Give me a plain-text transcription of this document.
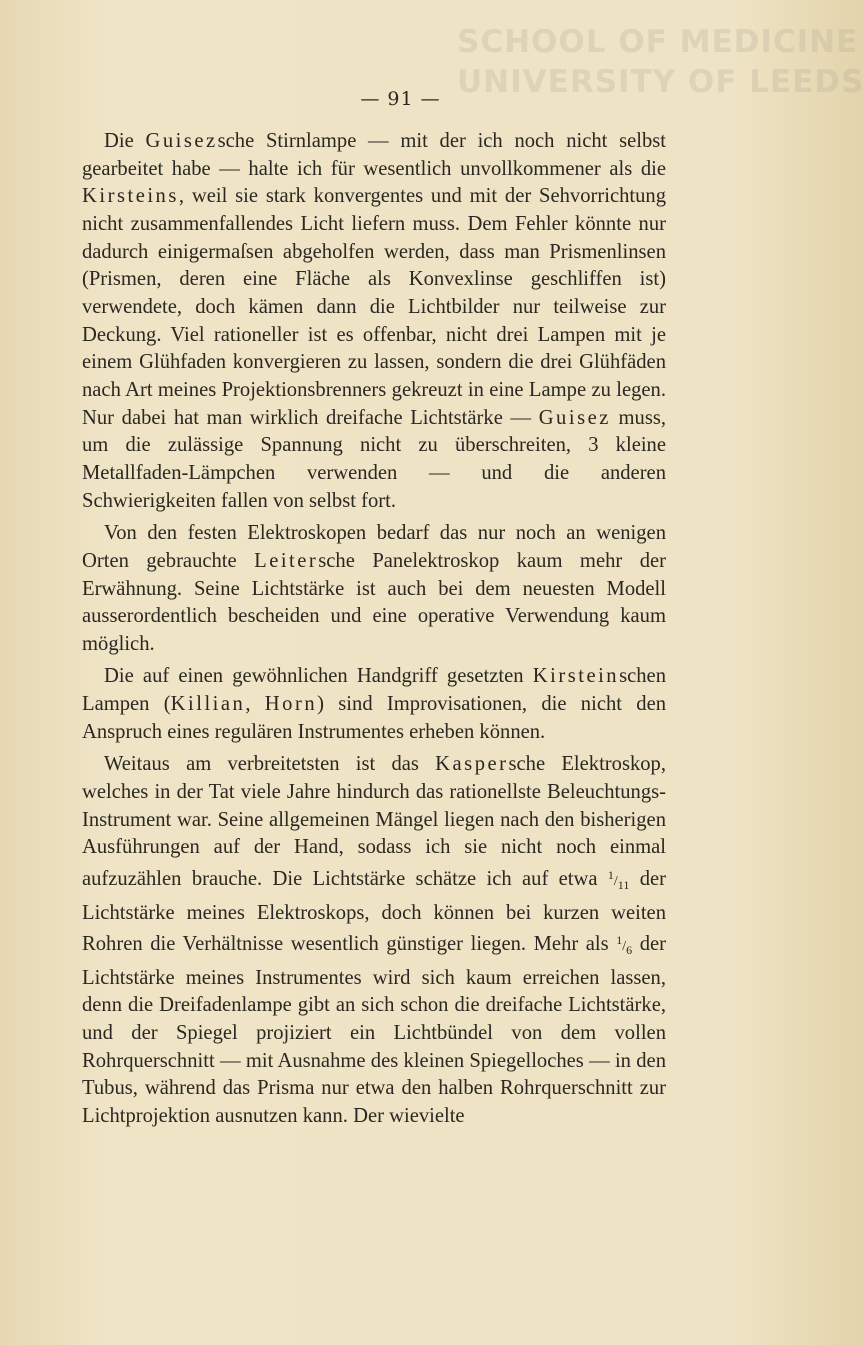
SCHOOL OF MEDICINE
UNIVERSITY OF LEEDS
— 91 —

Die Guisezsche Stirnlampe — mit der ich noch nicht selbst gearbeitet habe — halte ich für wesentlich unvollkommener als die Kirsteins, weil sie stark konvergentes und mit der Sehvorrichtung nicht zusammenfallendes Licht liefern muss. Dem Fehler könnte nur dadurch einigermaſsen abgeholfen werden, dass man Prismenlinsen (Prismen, deren eine Fläche als Konvexlinse geschliffen ist) verwendete, doch kämen dann die Lichtbilder nur teilweise zur Deckung. Viel rationeller ist es offenbar, nicht drei Lampen mit je einem Glühfaden konvergieren zu lassen, sondern die drei Glühfäden nach Art meines Projektionsbrenners gekreuzt in eine Lampe zu legen. Nur dabei hat man wirklich dreifache Lichtstärke — Guisez muss, um die zulässige Spannung nicht zu überschreiten, 3 kleine Metallfaden-Lämpchen verwenden — und die anderen Schwierigkeiten fallen von selbst fort.

Von den festen Elektroskopen bedarf das nur noch an wenigen Orten gebrauchte Leitersche Panelektroskop kaum mehr der Erwähnung. Seine Lichtstärke ist auch bei dem neuesten Modell ausserordentlich bescheiden und eine operative Verwendung kaum möglich.

Die auf einen gewöhnlichen Handgriff gesetzten Kirsteinschen Lampen (Killian, Horn) sind Improvisationen, die nicht den Anspruch eines regulären Instrumentes erheben können.

Weitaus am verbreitetsten ist das Kaspersche Elektroskop, welches in der Tat viele Jahre hindurch das rationellste Beleuchtungs-Instrument war. Seine allgemeinen Mängel liegen nach den bisherigen Ausführungen auf der Hand, sodass ich sie nicht noch einmal aufzuzählen brauche. Die Lichtstärke schätze ich auf etwa $^1/_{11}$ der Lichtstärke meines Elektroskops, doch können bei kurzen weiten Rohren die Verhältnisse wesentlich günstiger liegen. Mehr als $^1/_6$ der Lichtstärke meines Instrumentes wird sich kaum erreichen lassen, denn die Dreifadenlampe gibt an sich schon die dreifache Lichtstärke, und der Spiegel projiziert ein Lichtbündel von dem vollen Rohrquerschnitt — mit Ausnahme des kleinen Spiegelloches — in den Tubus, während das Prisma nur etwa den halben Rohrquerschnitt zur Lichtprojektion ausnutzen kann. Der wievielte
